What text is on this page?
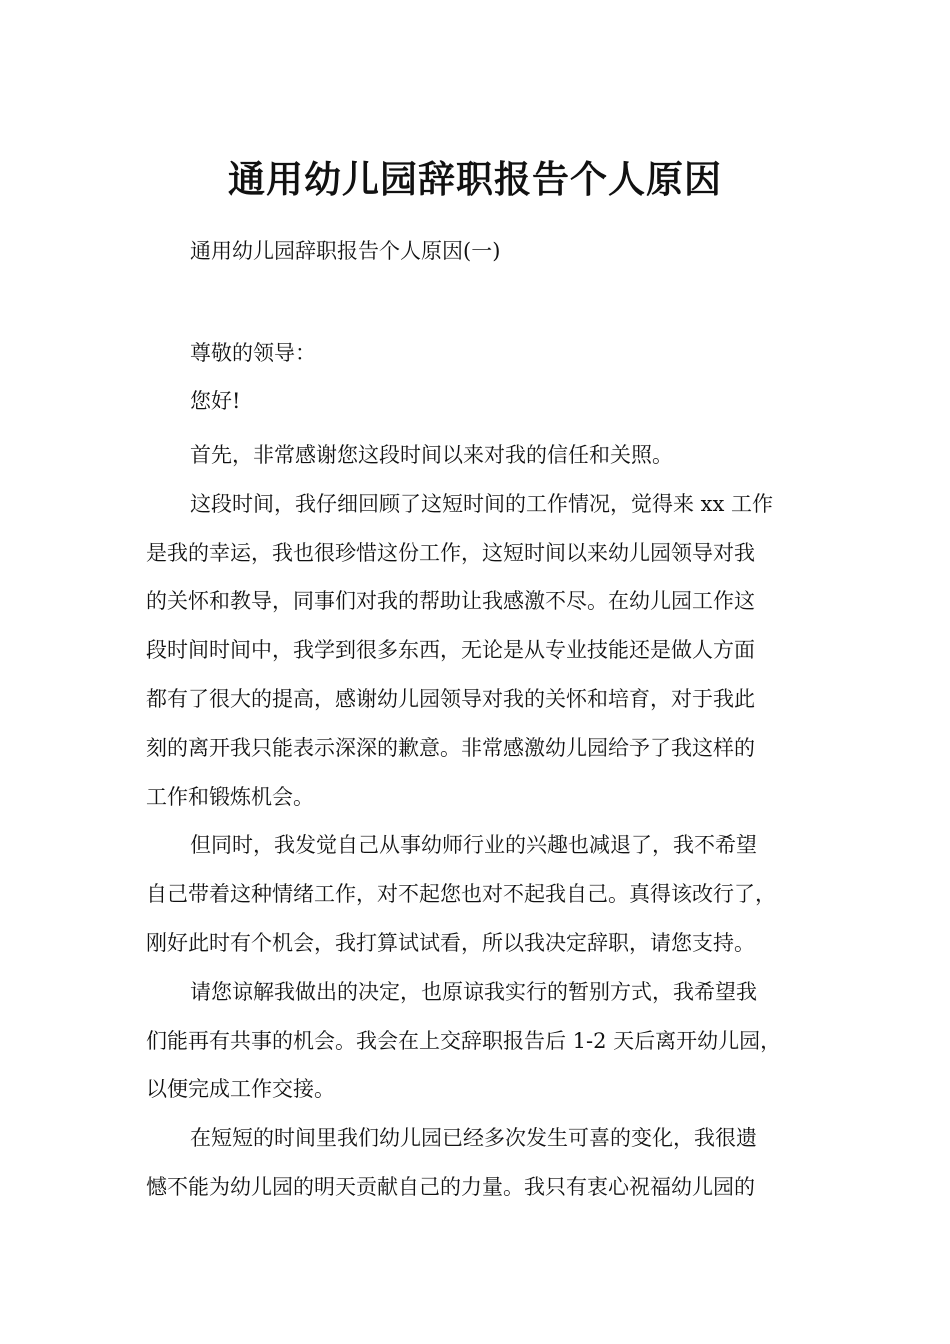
通用幼儿园辞职报告个人原因
通用幼儿园辞职报告个人原因(一)
尊敬的领导：
您好!

首先，非常感谢您这段时间以来对我的信任和关照。

这段时间，我仔细回顾了这短时间的工作情况，觉得来 xx 工作
是我的幸运，我也很珍惜这份工作，这短时间以来幼儿园领导对我
的关怀和教导，同事们对我的帮助让我感激不尽。在幼儿园工作这
段时间时间中，我学到很多东西，无论是从专业技能还是做人方面
都有了很大的提高，感谢幼儿园领导对我的关怀和培育，对于我此
刻的离开我只能表示深深的歉意。非常感激幼儿园给予了我这样的
工作和锻炼机会。

但同时，我发觉自己从事幼师行业的兴趣也减退了，我不希望
自己带着这种情绪工作，对不起您也对不起我自己。真得该改行了，
刚好此时有个机会，我打算试试看，所以我决定辞职，请您支持。

请您谅解我做出的决定，也原谅我实行的暂别方式，我希望我
们能再有共事的机会。我会在上交辞职报告后 1-2 天后离开幼儿园，
以便完成工作交接。

在短短的时间里我们幼儿园已经多次发生可喜的变化，我很遗
憾不能为幼儿园的明天贡献自己的力量。我只有衷心祝福幼儿园的
